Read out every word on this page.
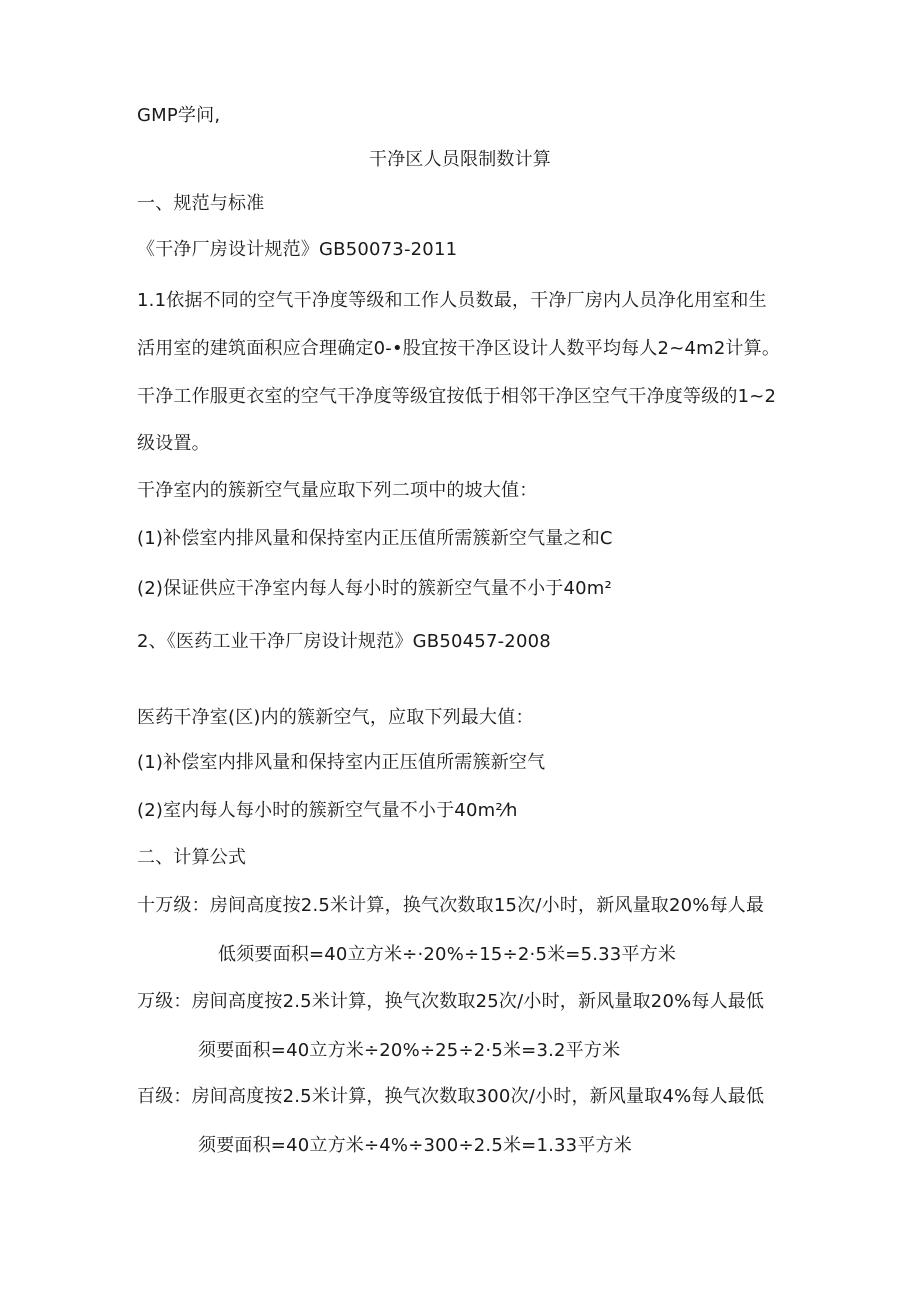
GMP学问,
干净区人员限制数计算
一、规范与标准
《干净厂房设计规范》GB50073-2011
1.1依据不同的空气干净度等级和工作人员数最，干净厂房内人员净化用室和生
活用室的建筑面积应合理确定0-•股宜按干净区设计人数平均每人2~4m2计算。
干净工作服更衣室的空气干净度等级宜按低于相邻干净区空气干净度等级的1~2
级设置。
干净室内的簇新空气量应取下列二项中的坡大值：
(1)补偿室内排风量和保持室内正压值所需簇新空气量之和C
(2)保证供应干净室内每人每小时的簇新空气量不小于40m²
2、《医药工业干净厂房设计规范》GB50457-2008
医药干净室(区)内的簇新空气，应取下列最大值：
(1)补偿室内排风量和保持室内正压值所需簇新空气
(2)室内每人每小时的簇新空气量不小于40m²⁄h
二、计算公式
十万级：房间高度按2.5米计算，换气次数取15次/小时，新风量取20%每人最
低须要面积=40立方米÷·20%÷15÷2·5米=5.33平方米
万级：房间高度按2.5米计算，换气次数取25次/小时，新风量取20%每人最低
须要面积=40立方米÷20%÷25÷2·5米=3.2平方米
百级：房间高度按2.5米计算，换气次数取300次/小时，新风量取4%每人最低
须要面积=40立方米÷4%÷300÷2.5米=1.33平方米
